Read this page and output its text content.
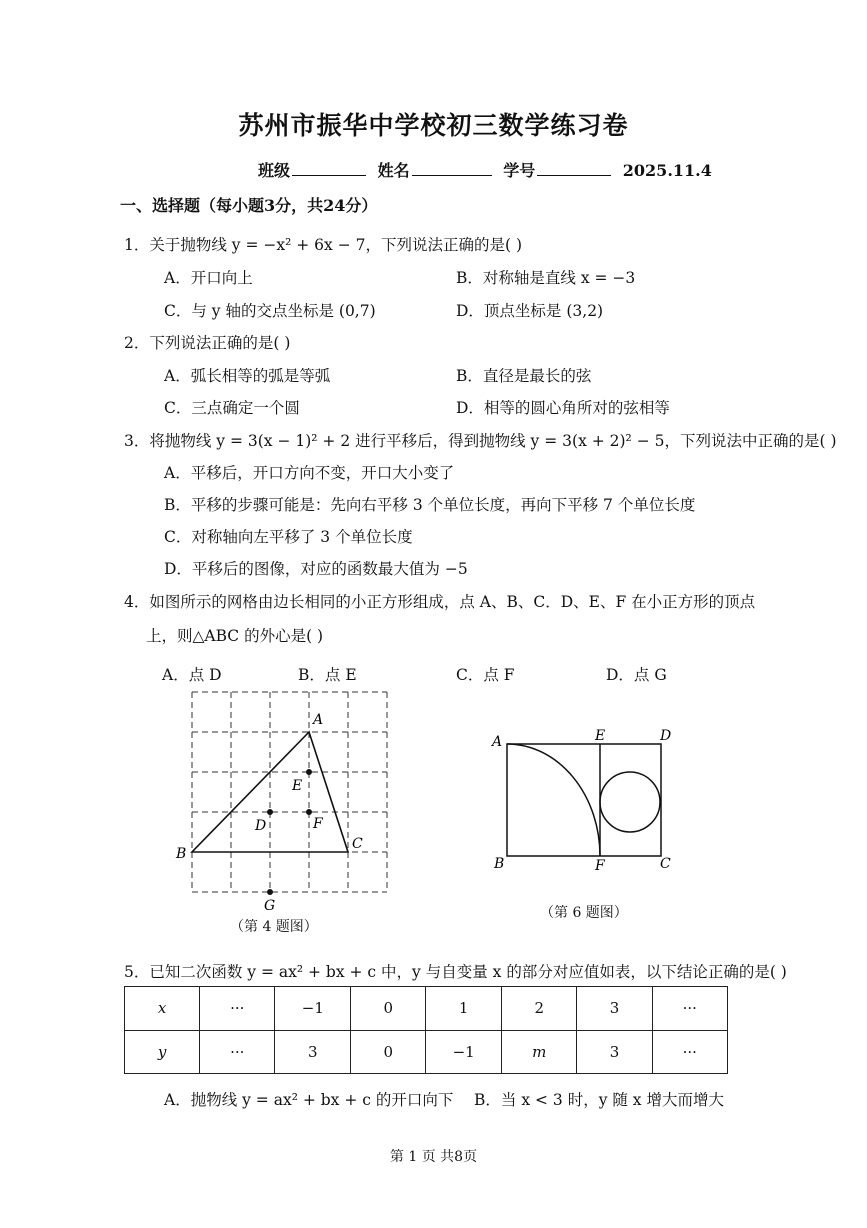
苏州市振华中学校初三数学练习卷
班级	姓名	学号	2025.11.4
一、选择题（每小题3分，共24分）
1．关于抛物线 y = −x² + 6x − 7，下列说法正确的是( )
A．开口向上	B．对称轴是直线 x = −3
C．与 y 轴的交点坐标是 (0,7)	D．顶点坐标是 (3,2)
2．下列说法正确的是( )
A．弧长相等的弧是等弧	B．直径是最长的弦
C．三点确定一个圆	D．相等的圆心角所对的弦相等
3．将抛物线 y = 3(x − 1)² + 2 进行平移后，得到抛物线 y = 3(x + 2)² − 5，下列说法中正确的是( )
A．平移后，开口方向不变，开口大小变了
B．平移的步骤可能是：先向右平移 3 个单位长度，再向下平移 7 个单位长度
C．对称轴向左平移了 3 个单位长度
D．平移后的图像，对应的函数最大值为 −5
4．如图所示的网格由边长相同的小正方形组成，点 A、B、C．D、E、F 在小正方形的顶点
上，则△ABC 的外心是( )
A．点 D	B．点 E	C．点 F	D．点 G
A
B
C
D
E
F
G
（第 4 题图）
A	E	D
B	F	C
（第 6 题图）
5．已知二次函数 y = ax² + bx + c 中，y 与自变量 x 的部分对应值如表，以下结论正确的是( )
x	···	−1	0	1	2	3	···
y	···	3	0	−1	m	3	···
A．抛物线 y = ax² + bx + c 的开口向下 B．当 x < 3 时，y 随 x 增大而增大
第 1 页 共8页
